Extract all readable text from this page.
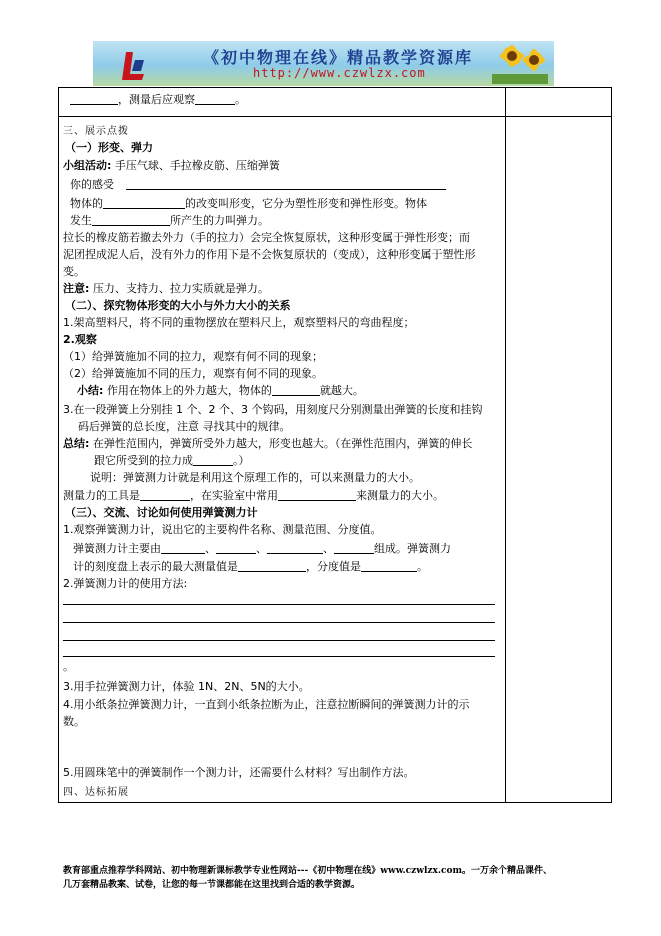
《初中物理在线》精品教学资源库
http://www.czwlzx.com
，测量后应观察	。
三、展示点拨
（一）形变、弹力
小组活动: 手压气球、手拉橡皮筋、压缩弹簧
你的感受
物体的	的改变叫形变，它分为塑性形变和弹性形变。物体
发生	所产生的力叫弹力。
拉长的橡皮筋若撤去外力（手的拉力）会完全恢复原状，这种形变属于弹性形变；而
泥团捏成泥人后，没有外力的作用下是不会恢复原状的（变成），这种形变属于塑性形
变。
注意: 压力、支持力、拉力实质就是弹力。
（二）、探究物体形变的大小与外力大小的关系
1.架高塑料尺，将不同的重物摆放在塑料尺上，观察塑料尺的弯曲程度；
2.观察
（1）给弹簧施加不同的拉力，观察有何不同的现象；
（2）给弹簧施加不同的压力，观察有何不同的现象。
小结: 作用在物体上的外力越大，物体的	就越大。
3.在一段弹簧上分别挂 1 个、2 个、3 个钩码，用刻度尺分别测量出弹簧的长度和挂钩
码后弹簧的总长度，注意 寻找其中的规律。
总结: 在弹性范围内，弹簧所受外力越大，形变也越大。（在弹性范围内，弹簧的伸长
跟它所受到的拉力成	。）
说明：弹簧测力计就是利用这个原理工作的，可以来测量力的大小。
测量力的工具是	，在实验室中常用	来测量力的大小。
（三）、交流、讨论如何使用弹簧测力计
1.观察弹簧测力计，说出它的主要构件名称、测量范围、分度值。
弹簧测力计主要由	、	、	、	组成。弹簧测力
计的刻度盘上表示的最大测量值是	，分度值是	。
2.弹簧测力计的使用方法:
。
3.用手拉弹簧测力计，体验 1N、2N、5N的大小。
4.用小纸条拉弹簧测力计，一直到小纸条拉断为止，注意拉断瞬间的弹簧测力计的示
数。
5.用圆珠笔中的弹簧制作一个测力计，还需要什么材料？写出制作方法。
四、达标拓展
教育部重点推荐学科网站、初中物理新课标教学专业性网站---《初中物理在线》www.czwlzx.com。一万余个精品课件、
几万套精品教案、试卷，让您的每一节课都能在这里找到合适的教学资源。
